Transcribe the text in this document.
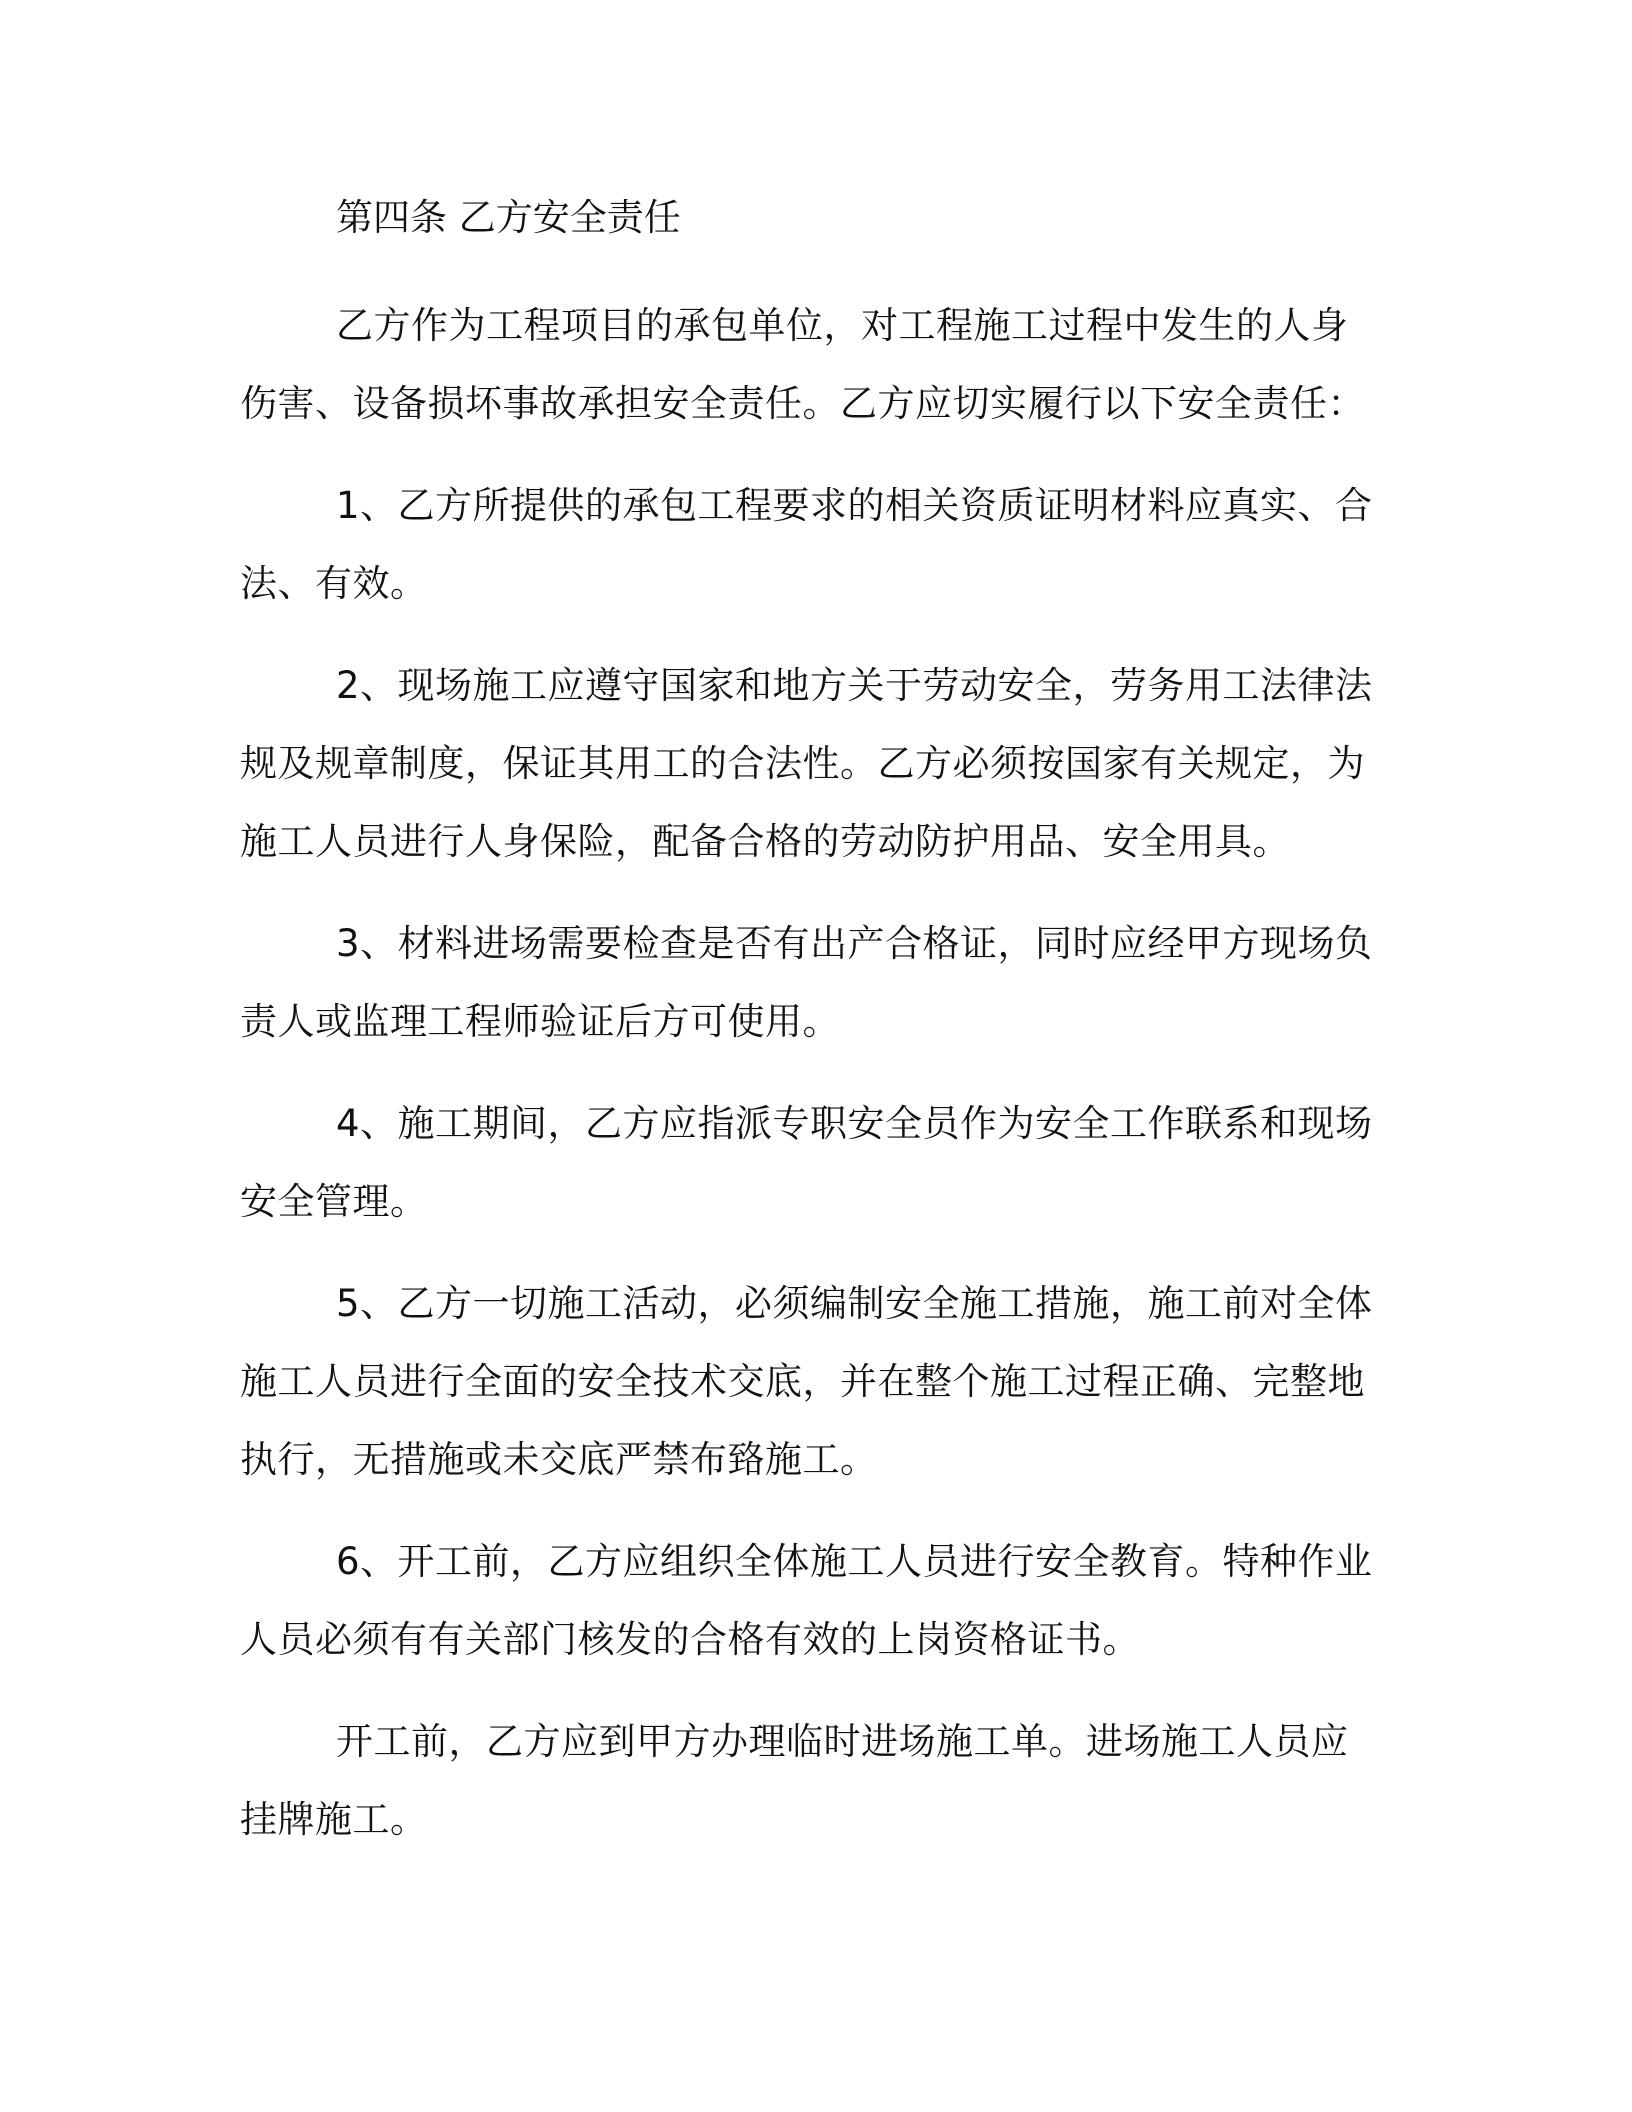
第四条 乙方安全责任

乙方作为工程项目的承包单位，对工程施工过程中发生的人身伤害、设备损坏事故承担安全责任。乙方应切实履行以下安全责任：

1、乙方所提供的承包工程要求的相关资质证明材料应真实、合法、有效。

2、现场施工应遵守国家和地方关于劳动安全，劳务用工法律法规及规章制度，保证其用工的合法性。乙方必须按国家有关规定，为施工人员进行人身保险，配备合格的劳动防护用品、安全用具。

3、材料进场需要检查是否有出产合格证，同时应经甲方现场负责人或监理工程师验证后方可使用。

4、施工期间，乙方应指派专职安全员作为安全工作联系和现场安全管理。

5、乙方一切施工活动，必须编制安全施工措施，施工前对全体施工人员进行全面的安全技术交底，并在整个施工过程正确、完整地执行，无措施或未交底严禁布臵施工。

6、开工前，乙方应组织全体施工人员进行安全教育。特种作业人员必须有有关部门核发的合格有效的上岗资格证书。

开工前，乙方应到甲方办理临时进场施工单。进场施工人员应挂牌施工。
